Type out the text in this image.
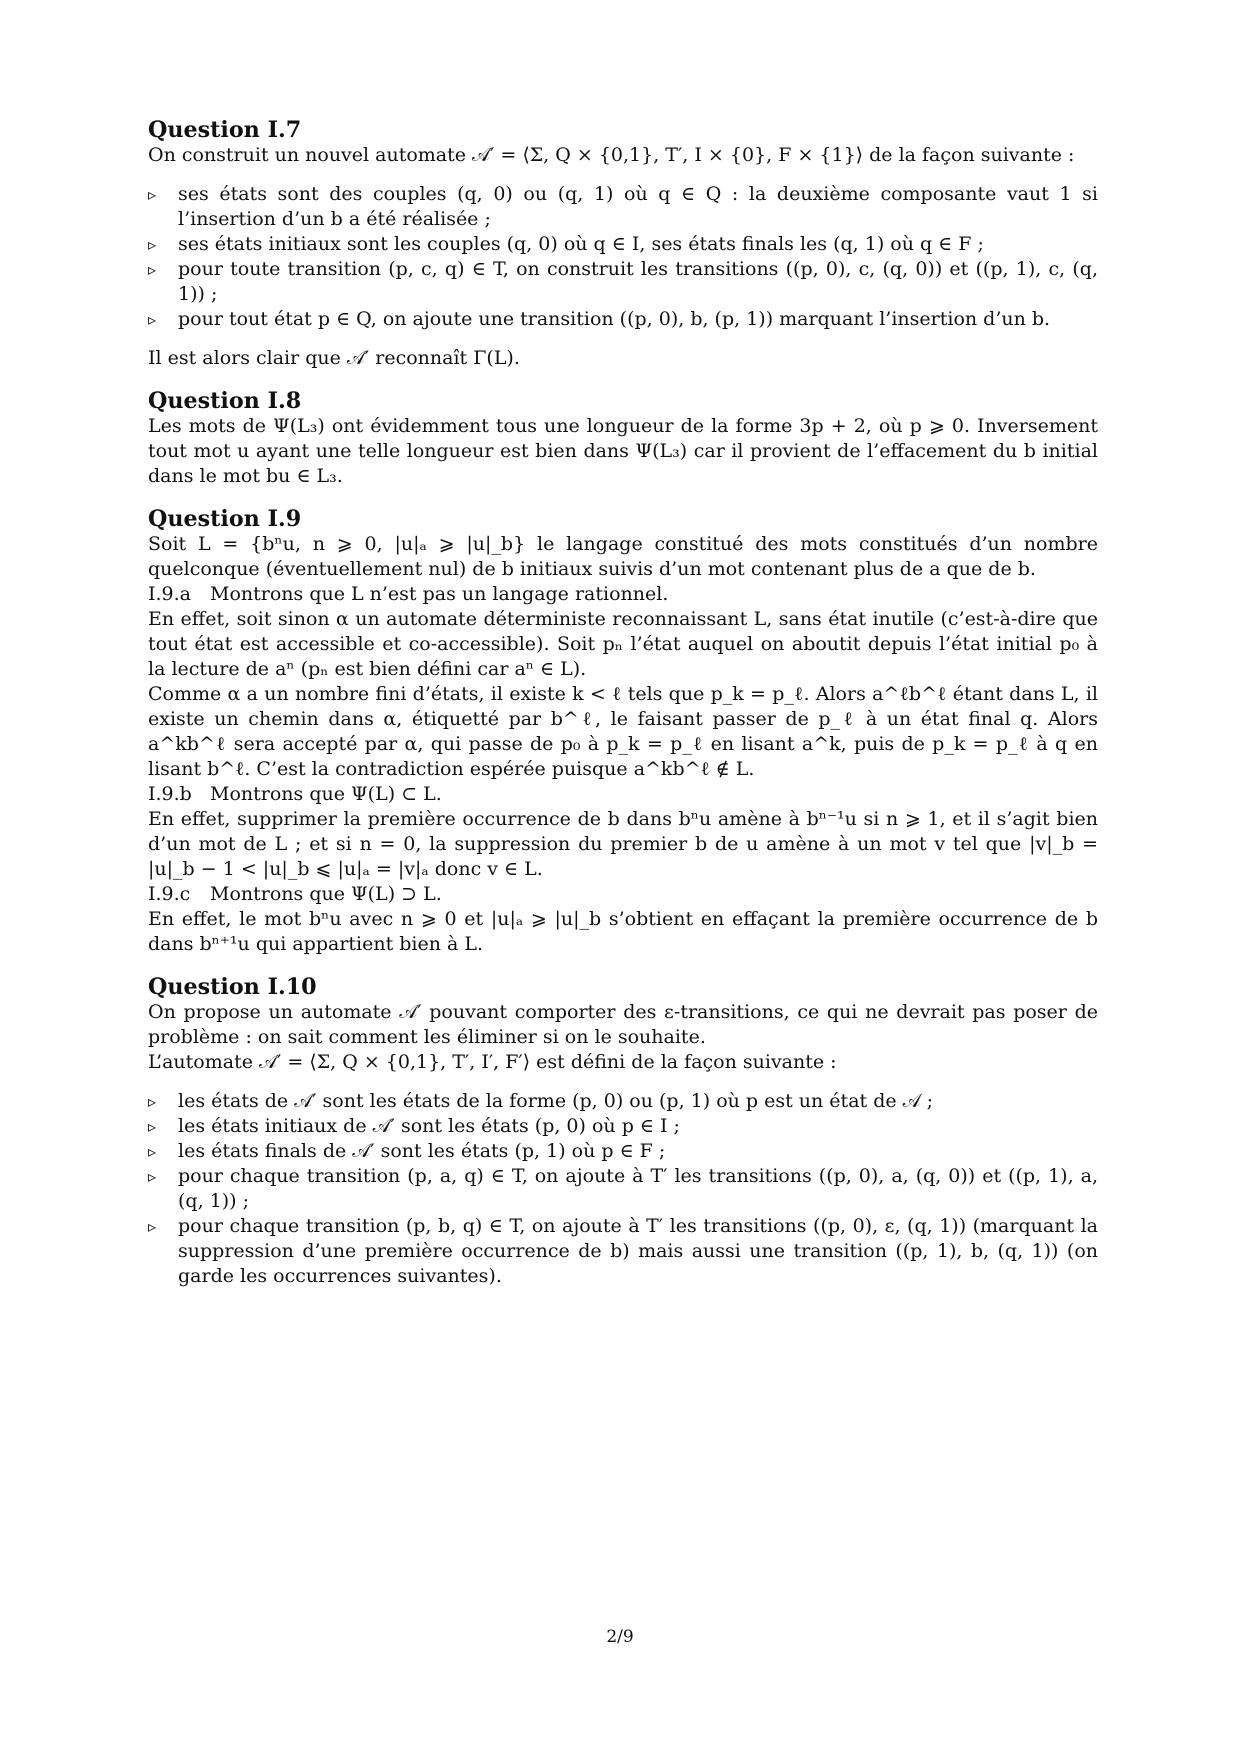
Question I.7

On construit un nouvel automate 𝒜′ = ⟨Σ, Q × {0,1}, T′, I × {0}, F × {1}⟩ de la façon suivante :

▹ ses états sont des couples (q, 0) ou (q, 1) où q ∈ Q : la deuxième composante vaut 1 si l’insertion d’un b a été réalisée ;
▹ ses états initiaux sont les couples (q, 0) où q ∈ I, ses états finals les (q, 1) où q ∈ F ;
▹ pour toute transition (p, c, q) ∈ T, on construit les transitions ((p, 0), c, (q, 0)) et ((p, 1), c, (q, 1)) ;
▹ pour tout état p ∈ Q, on ajoute une transition ((p, 0), b, (p, 1)) marquant l’insertion d’un b.

Il est alors clair que 𝒜′ reconnaît Γ(L).

Question I.8

Les mots de Ψ(L₃) ont évidemment tous une longueur de la forme 3p + 2, où p ⩾ 0. Inversement tout mot u ayant une telle longueur est bien dans Ψ(L₃) car il provient de l’effacement du b initial dans le mot bu ∈ L₃.

Question I.9

Soit L = {bⁿu, n ⩾ 0, |u|ₐ ⩾ |u|_b} le langage constitué des mots constitués d’un nombre quelconque (éventuellement nul) de b initiaux suivis d’un mot contenant plus de a que de b.

I.9.a Montrons que L n’est pas un langage rationnel.

En effet, soit sinon α un automate déterministe reconnaissant L, sans état inutile (c’est-à-dire que tout état est accessible et co-accessible). Soit pₙ l’état auquel on aboutit depuis l’état initial p₀ à la lecture de aⁿ (pₙ est bien défini car aⁿ ∈ L).

Comme α a un nombre fini d’états, il existe k < ℓ tels que p_k = p_ℓ. Alors a^ℓb^ℓ étant dans L, il existe un chemin dans α, étiquetté par b^ℓ, le faisant passer de p_ℓ à un état final q. Alors a^kb^ℓ sera accepté par α, qui passe de p₀ à p_k = p_ℓ en lisant a^k, puis de p_k = p_ℓ à q en lisant b^ℓ. C’est la contradiction espérée puisque a^kb^ℓ ∉ L.

I.9.b Montrons que Ψ(L) ⊂ L.

En effet, supprimer la première occurrence de b dans bⁿu amène à bⁿ⁻¹u si n ⩾ 1, et il s’agit bien d’un mot de L ; et si n = 0, la suppression du premier b de u amène à un mot v tel que |v|_b = |u|_b − 1 < |u|_b ⩽ |u|ₐ = |v|ₐ donc v ∈ L.

I.9.c Montrons que Ψ(L) ⊃ L.

En effet, le mot bⁿu avec n ⩾ 0 et |u|ₐ ⩾ |u|_b s’obtient en effaçant la première occurrence de b dans bⁿ⁺¹u qui appartient bien à L.

Question I.10

On propose un automate 𝒜′ pouvant comporter des ε-transitions, ce qui ne devrait pas poser de problème : on sait comment les éliminer si on le souhaite.

L’automate 𝒜′ = ⟨Σ, Q × {0,1}, T′, I′, F′⟩ est défini de la façon suivante :

▹ les états de 𝒜′ sont les états de la forme (p, 0) ou (p, 1) où p est un état de 𝒜 ;
▹ les états initiaux de 𝒜′ sont les états (p, 0) où p ∈ I ;
▹ les états finals de 𝒜′ sont les états (p, 1) où p ∈ F ;
▹ pour chaque transition (p, a, q) ∈ T, on ajoute à T′ les transitions ((p, 0), a, (q, 0)) et ((p, 1), a, (q, 1)) ;
▹ pour chaque transition (p, b, q) ∈ T, on ajoute à T′ les transitions ((p, 0), ε, (q, 1)) (marquant la suppression d’une première occurrence de b) mais aussi une transition ((p, 1), b, (q, 1)) (on garde les occurrences suivantes).
2/9
